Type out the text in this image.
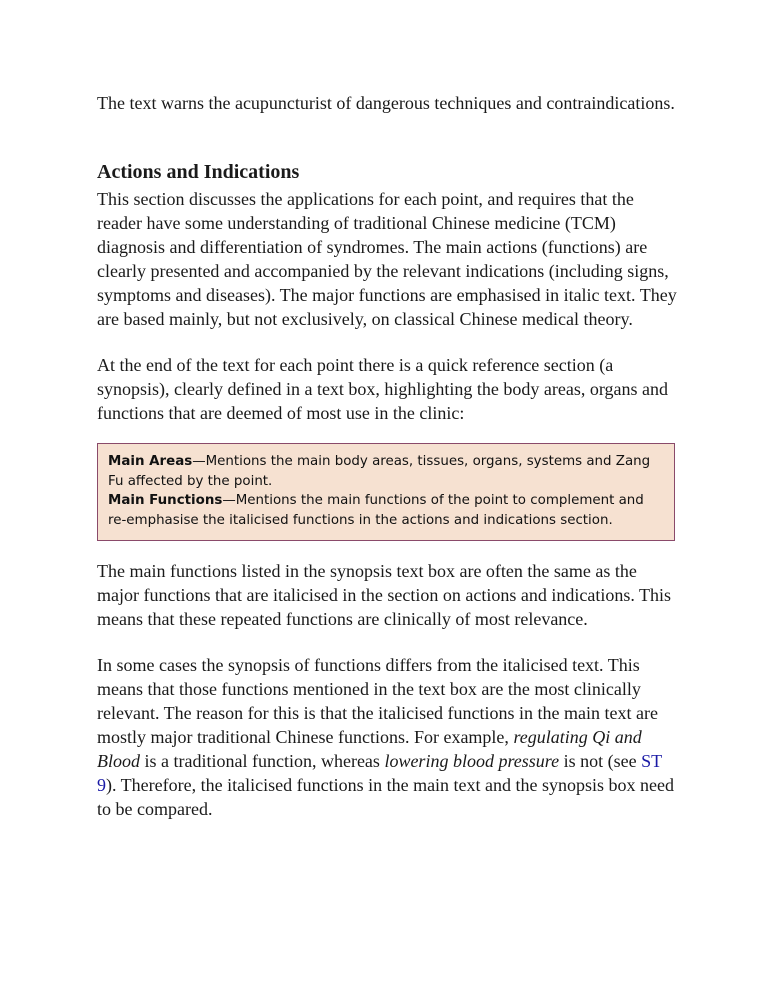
The text warns the acupuncturist of dangerous techniques and contraindications.

Actions and Indications

This section discusses the applications for each point, and requires that the reader have some understanding of traditional Chinese medicine (TCM) diagnosis and differentiation of syndromes. The main actions (functions) are clearly presented and accompanied by the relevant indications (including signs, symptoms and diseases). The major functions are emphasised in italic text. They are based mainly, but not exclusively, on classical Chinese medical theory.

At the end of the text for each point there is a quick reference section (a synopsis), clearly defined in a text box, highlighting the body areas, organs and functions that are deemed of most use in the clinic:

Main Areas—Mentions the main body areas, tissues, organs, systems and Zang Fu affected by the point.
Main Functions—Mentions the main functions of the point to complement and re-emphasise the italicised functions in the actions and indications section.

The main functions listed in the synopsis text box are often the same as the major functions that are italicised in the section on actions and indications. This means that these repeated functions are clinically of most relevance.

In some cases the synopsis of functions differs from the italicised text. This means that those functions mentioned in the text box are the most clinically relevant. The reason for this is that the italicised functions in the main text are mostly major traditional Chinese functions. For example, regulating Qi and Blood is a traditional function, whereas lowering blood pressure is not (see ST 9). Therefore, the italicised functions in the main text and the synopsis box need to be compared.
